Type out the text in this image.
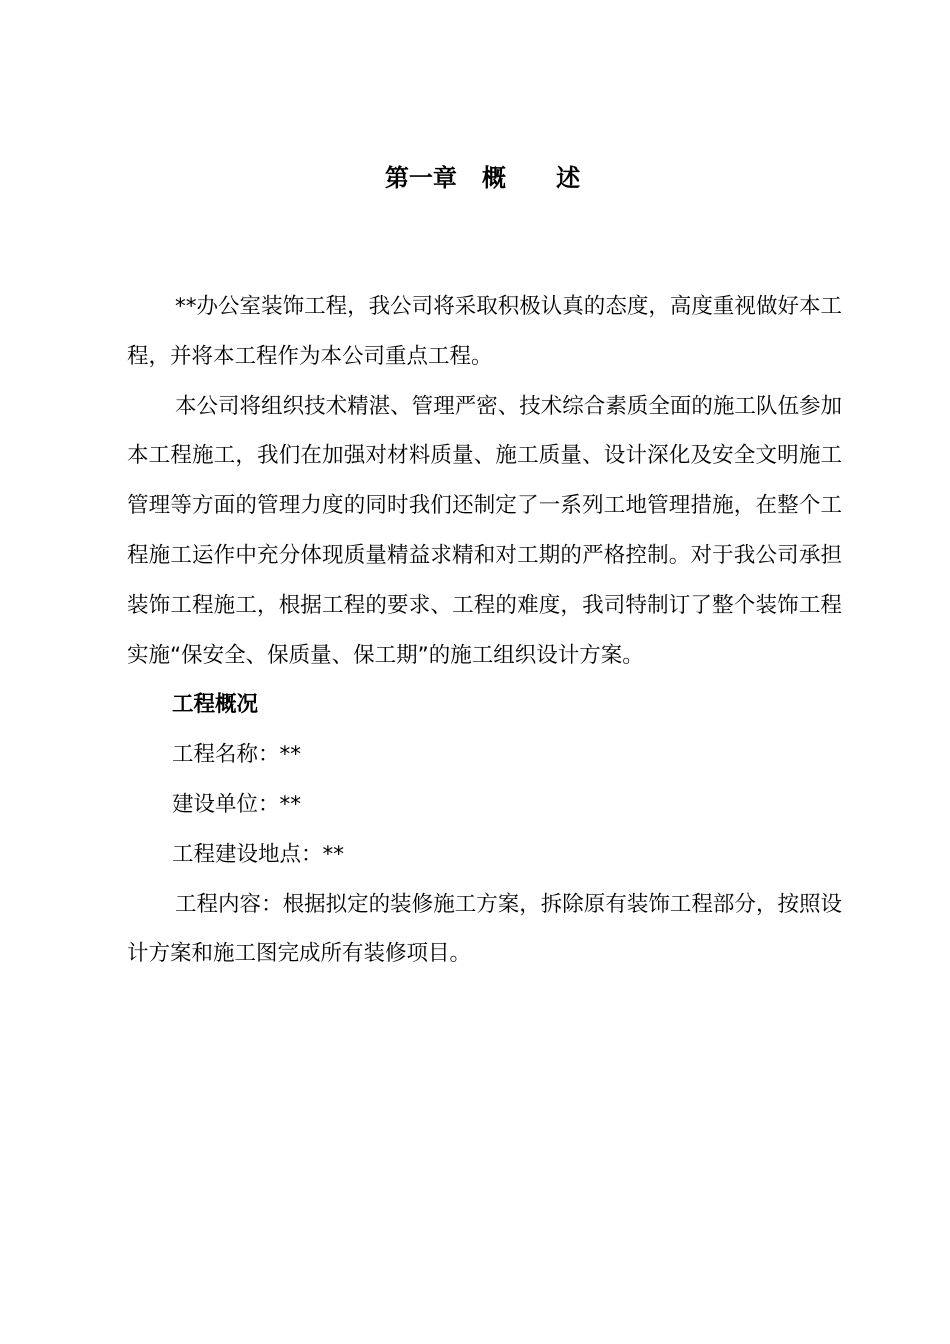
第一章   概      述

**办公室装饰工程，我公司将采取积极认真的态度，高度重视做好本工程，并将本工程作为本公司重点工程。

本公司将组织技术精湛、管理严密、技术综合素质全面的施工队伍参加本工程施工，我们在加强对材料质量、施工质量、设计深化及安全文明施工管理等方面的管理力度的同时我们还制定了一系列工地管理措施，在整个工程施工运作中充分体现质量精益求精和对工期的严格控制。对于我公司承担装饰工程施工，根据工程的要求、工程的难度，我司特制订了整个装饰工程实施“保安全、保质量、保工期”的施工组织设计方案。

工程概况

工程名称：**

建设单位：**

工程建设地点：**

工程内容：根据拟定的装修施工方案，拆除原有装饰工程部分，按照设计方案和施工图完成所有装修项目。
